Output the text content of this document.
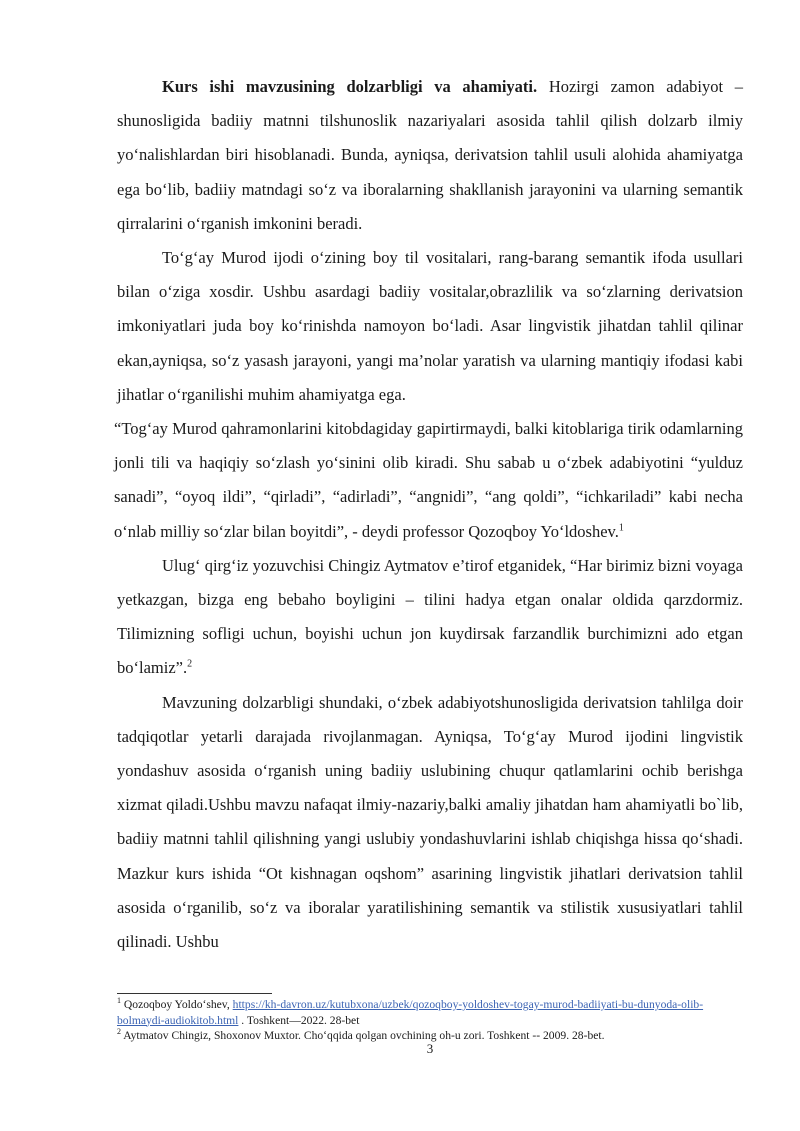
Kurs ishi mavzusining dolzarbligi va ahamiyati. Hozirgi zamon adabiyot – shunosligida badiiy matnni tilshunoslik nazariyalari asosida tahlil qilish dolzarb ilmiy yo‘nalishlardan biri hisoblanadi. Bunda, ayniqsa, derivatsion tahlil usuli alohida ahamiyatga ega bo‘lib, badiiy matndagi so‘z va iboralarning shakllanish jarayonini va ularning semantik qirralarini o‘rganish imkonini beradi.

To‘g‘ay Murod ijodi o‘zining boy til vositalari, rang-barang semantik ifoda usullari bilan o‘ziga xosdir. Ushbu asardagi badiiy vositalar,obrazlilik va so‘zlarning derivatsion imkoniyatlari juda boy ko‘rinishda namoyon bo‘ladi. Asar lingvistik jihatdan tahlil qilinar ekan,ayniqsa, so‘z yasash jarayoni, yangi ma’nolar yaratish va ularning mantiqiy ifodasi kabi jihatlar o‘rganilishi muhim ahamiyatga ega.

“Tog‘ay Murod qahramonlarini kitobdagiday gapirtirmaydi, balki kitoblariga tirik odamlarning jonli tili va haqiqiy so‘zlash yo‘sinini olib kiradi. Shu sabab u o‘zbek adabiyotini “yulduz sanadi”, “oyoq ildi”, “qirladi”, “adirladi”, “angnidi”, “ang qoldi”, “ichkariladi” kabi necha o‘nlab milliy so‘zlar bilan boyitdi”, - deydi professor Qozoqboy Yo‘ldoshev.$^1$

Ulug‘ qirg‘iz yozuvchisi Chingiz Aytmatov e’tirof etganidek, “Har birimiz bizni voyaga yetkazgan, bizga eng bebaho boyligini – tilini hadya etgan onalar oldida qarzdormiz. Tilimizning sofligi uchun, boyishi uchun jon kuydirsak farzandlik burchimizni ado etgan bo‘lamiz”.$^2$

Mavzuning dolzarbligi shundaki, o‘zbek adabiyotshunosligida derivatsion tahlilga doir tadqiqotlar yetarli darajada rivojlanmagan. Ayniqsa, To‘g‘ay Murod ijodini lingvistik yondashuv asosida o‘rganish uning badiiy uslubining chuqur qatlamlarini ochib berishga xizmat qiladi.Ushbu mavzu nafaqat ilmiy-nazariy,balki amaliy jihatdan ham ahamiyatli bo`lib, badiiy matnni tahlil qilishning yangi uslubiy yondashuvlarini ishlab chiqishga hissa qo‘shadi. Mazkur kurs ishida “Ot kishnagan oqshom” asarining lingvistik jihatlari derivatsion tahlil asosida o‘rganilib, so‘z va iboralar yaratilishining semantik va stilistik xususiyatlari tahlil qilinadi. Ushbu

$^1$ Qozoqboy Yoldo‘shev, https://kh-davron.uz/kutubxona/uzbek/qozoqboy-yoldoshev-togay-murod-badiiyati-bu-dunyoda-olib-bolmaydi-audiokitob.html . Toshkent—2022. 28-bet

$^2$ Aytmatov Chingiz, Shoxonov Muxtor. Cho‘qqida qolgan ovchining oh-u zori. Toshkent -- 2009. 28-bet.

3
